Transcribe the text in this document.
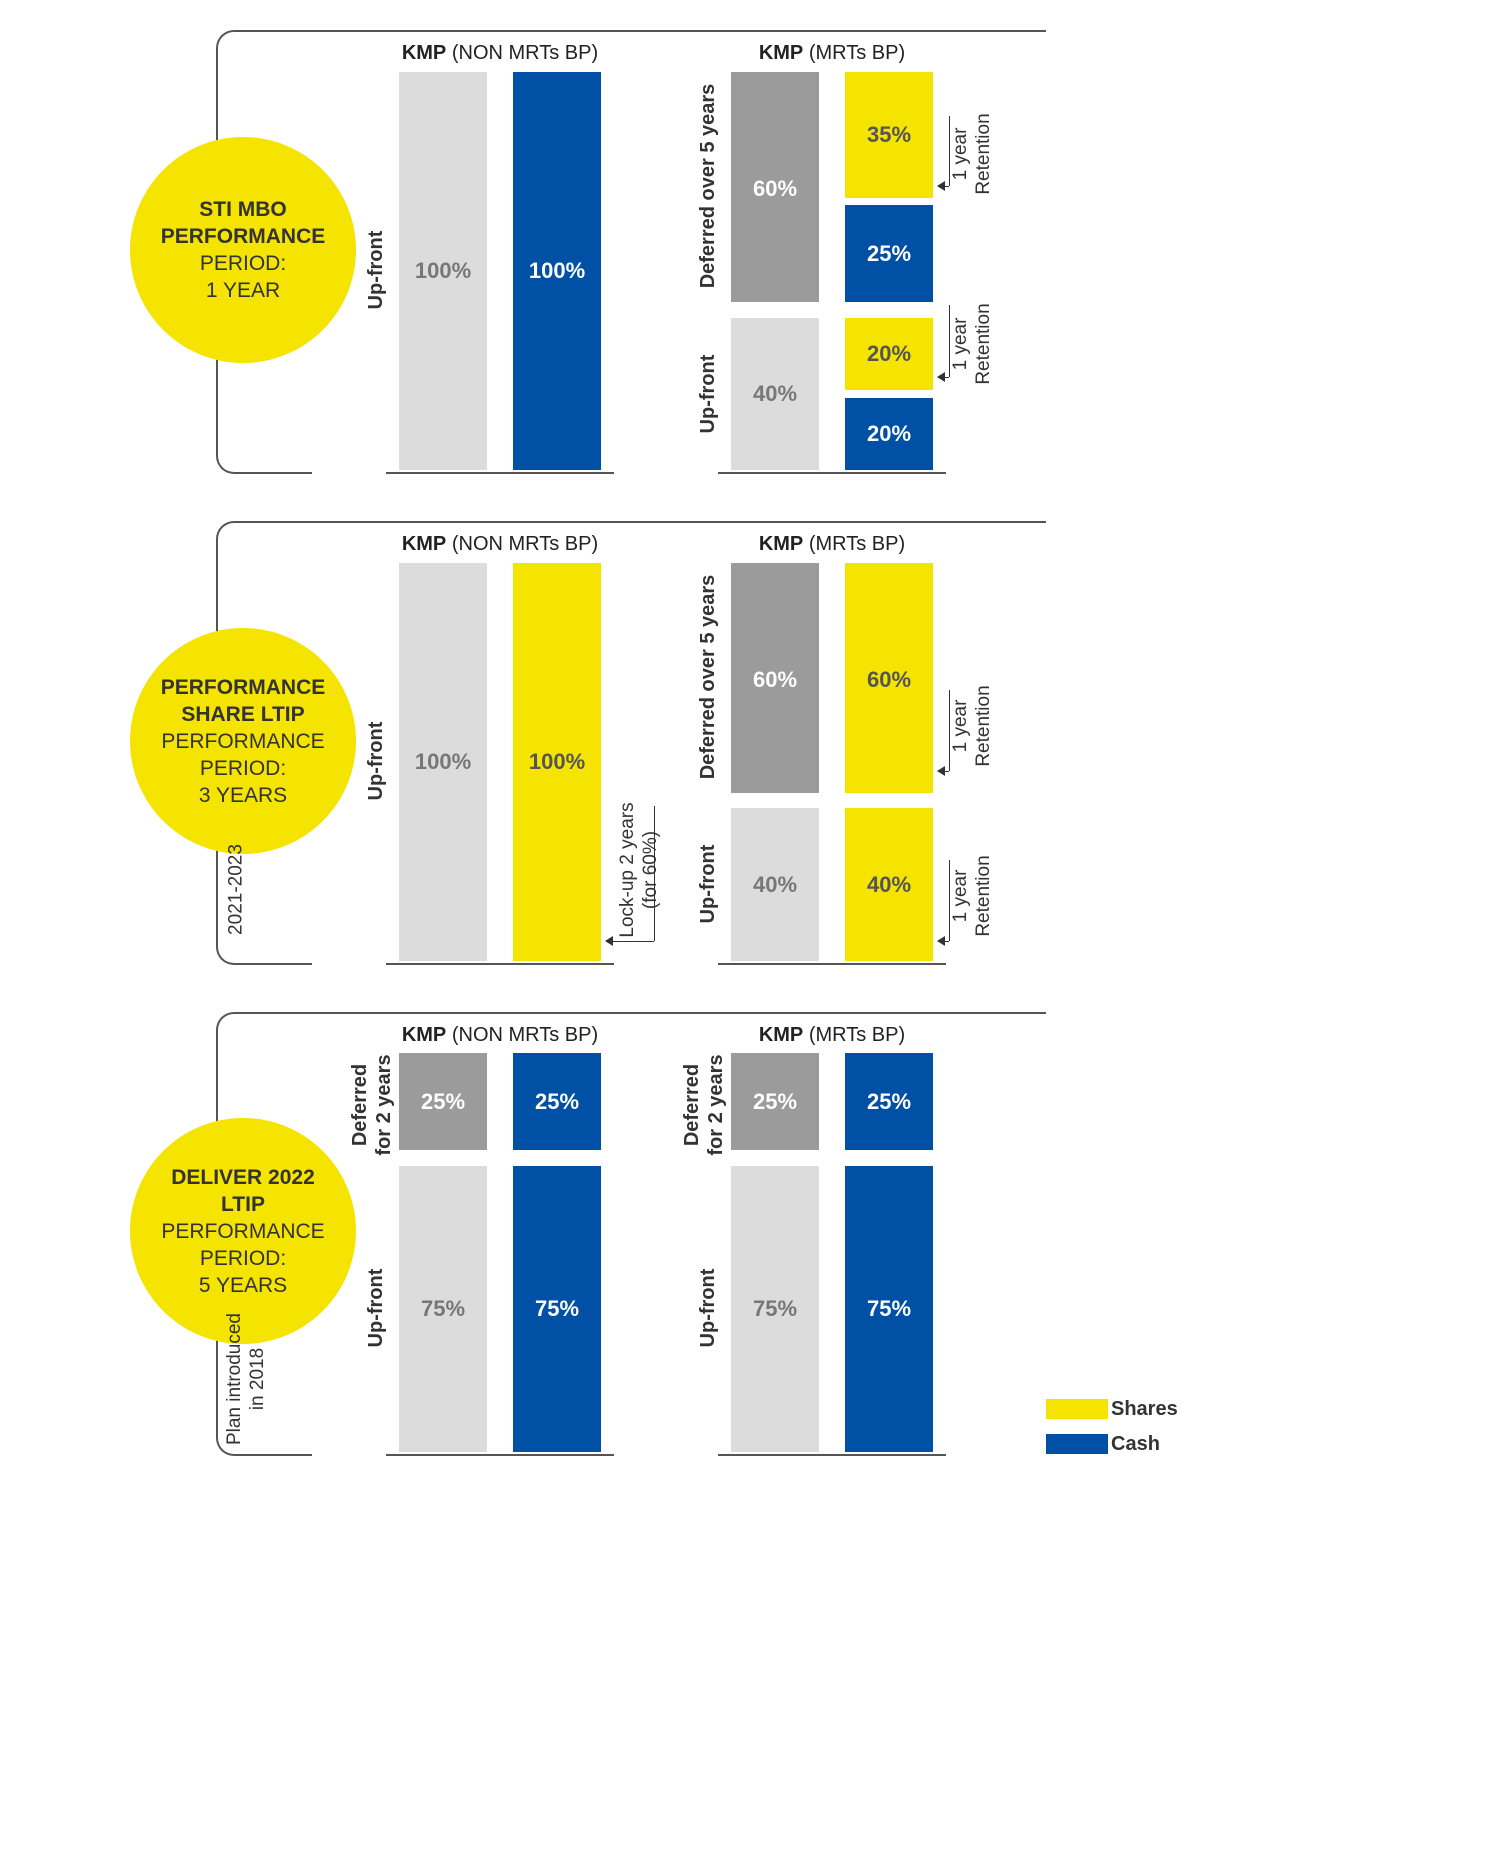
STI MBO
PERFORMANCE
PERIOD:
1 YEAR
KMP (NON MRTs BP)	KMP (MRTs BP)
Up-front	100%	100%	Deferred over 5 years
Up-front
60%
35%
25%
40%
20%
20%
1 year Retention
1 year Retention
PERFORMANCE
SHARE LTIP
PERFORMANCE
PERIOD:
3 YEARS
2021-2023
KMP (NON MRTs BP)	KMP (MRTs BP)
Up-front	100%	100%
Lock-up 2 years (for 60%)
Deferred over 5 years
Up-front
60%	60%
40%	40%
1 year Retention
1 year Retention
DELIVER 2022
LTIP
PERFORMANCE
PERIOD:
5 YEARS
Plan introduced in 2018
KMP (NON MRTs BP)	KMP (MRTs BP)
Deferred for 2 years
Up-front
25%	25%
75%	75%
Deferred for 2 years
Up-front
25%	25%
75%	75%
Shares
Cash
